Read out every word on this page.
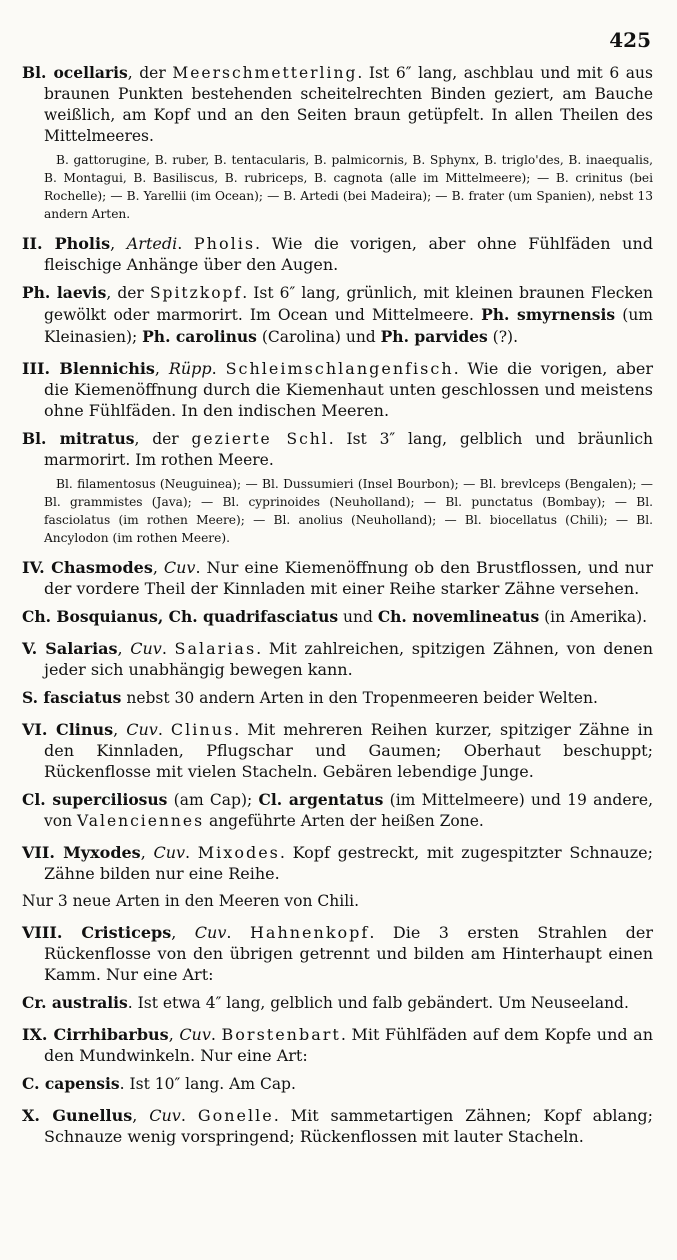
425

Bl. ocellaris, der Meerschmetterling. Ist 6″ lang, aschblau und mit 6 aus braunen Punkten bestehenden scheitelrechten Binden geziert, am Bauche weißlich, am Kopf und an den Seiten braun getüpfelt. In allen Theilen des Mittelmeeres.

B. gattorugine, B. ruber, B. tentacularis, B. palmicornis, B. Sphynx, B. triglo'des, B. inaequalis, B. Montagui, B. Basiliscus, B. rubriceps, B. cagnota (alle im Mittelmeere); — B. crinitus (bei Rochelle); — B. Yarellii (im Ocean); — B. Artedi (bei Madeira); — B. frater (um Spanien), nebst 13 andern Arten.

II. Pholis, Artedi. Pholis. Wie die vorigen, aber ohne Fühlfäden und fleischige Anhänge über den Augen.

Ph. laevis, der Spitzkopf. Ist 6″ lang, grünlich, mit kleinen braunen Flecken gewölkt oder marmorirt. Im Ocean und Mittelmeere. Ph. smyrnensis (um Kleinasien); Ph. carolinus (Carolina) und Ph. parvides (?).

III. Blennichis, Rüpp. Schleimschlangenfisch. Wie die vorigen, aber die Kiemenöffnung durch die Kiemenhaut unten geschlossen und meistens ohne Fühlfäden. In den indischen Meeren.

Bl. mitratus, der gezierte Schl. Ist 3″ lang, gelblich und bräunlich marmorirt. Im rothen Meere.

Bl. filamentosus (Neuguinea); — Bl. Dussumieri (Insel Bourbon); — Bl. brevlceps (Bengalen); — Bl. grammistes (Java); — Bl. cyprinoides (Neuholland); — Bl. punctatus (Bombay); — Bl. fasciolatus (im rothen Meere); — Bl. anolius (Neuholland); — Bl. biocellatus (Chili); — Bl. Ancylodon (im rothen Meere).

IV. Chasmodes, Cuv. Nur eine Kiemenöffnung ob den Brustflossen, und nur der vordere Theil der Kinnladen mit einer Reihe starker Zähne versehen.

Ch. Bosquianus, Ch. quadrifasciatus und Ch. novemlineatus (in Amerika).

V. Salarias, Cuv. Salarias. Mit zahlreichen, spitzigen Zähnen, von denen jeder sich unabhängig bewegen kann.

S. fasciatus nebst 30 andern Arten in den Tropenmeeren beider Welten.

VI. Clinus, Cuv. Clinus. Mit mehreren Reihen kurzer, spitziger Zähne in den Kinnladen, Pflugschar und Gaumen; Oberhaut beschuppt; Rückenflosse mit vielen Stacheln. Gebären lebendige Junge.

Cl. superciliosus (am Cap); Cl. argentatus (im Mittelmeere) und 19 andere, von Valenciennes angeführte Arten der heißen Zone.

VII. Myxodes, Cuv. Mixodes. Kopf gestreckt, mit zugespitzter Schnauze; Zähne bilden nur eine Reihe.

Nur 3 neue Arten in den Meeren von Chili.

VIII. Cristiceps, Cuv. Hahnenkopf. Die 3 ersten Strahlen der Rückenflosse von den übrigen getrennt und bilden am Hinterhaupt einen Kamm. Nur eine Art:

Cr. australis. Ist etwa 4″ lang, gelblich und falb gebändert. Um Neuseeland.

IX. Cirrhibarbus, Cuv. Borstenbart. Mit Fühlfäden auf dem Kopfe und an den Mundwinkeln. Nur eine Art:

C. capensis. Ist 10″ lang. Am Cap.

X. Gunellus, Cuv. Gonelle. Mit sammetartigen Zähnen; Kopf ablang; Schnauze wenig vorspringend; Rückenflossen mit lauter Stacheln.
